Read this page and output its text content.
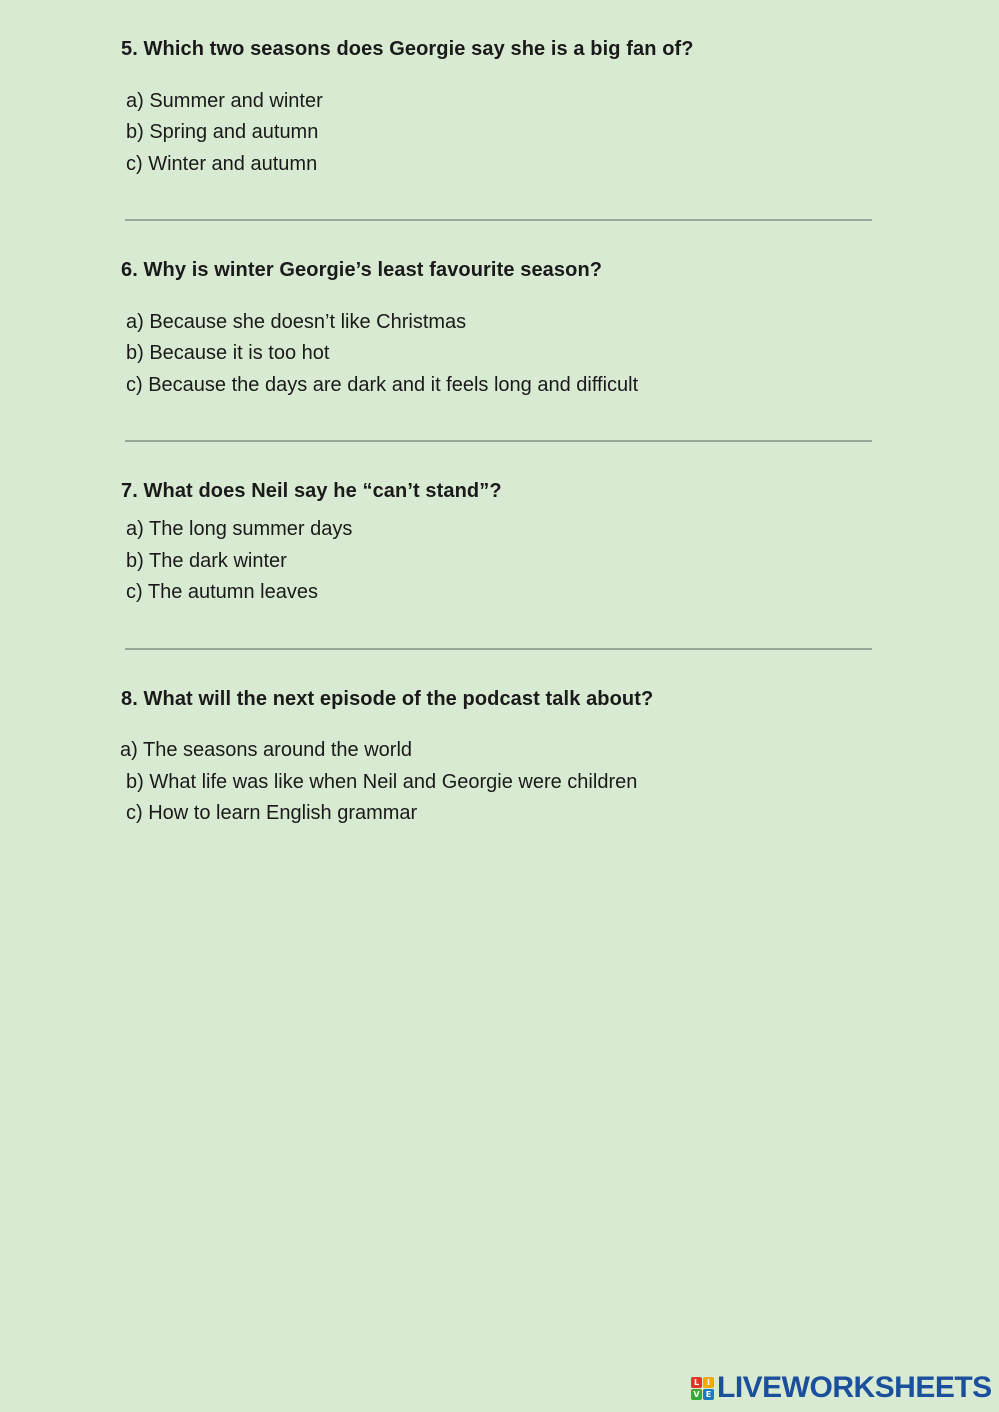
5. Which two seasons does Georgie say she is a big fan of?
a) Summer and winter
b) Spring and autumn
c) Winter and autumn
6. Why is winter Georgie’s least favourite season?
a) Because she doesn’t like Christmas
b) Because it is too hot
c) Because the days are dark and it feels long and difficult
7. What does Neil say he “can’t stand”?
a) The long summer days
b) The dark winter
c) The autumn leaves
8. What will the next episode of the podcast talk about?
a) The seasons around the world
b) What life was like when Neil and Georgie were children
c) How to learn English grammar
L I
V E LIVEWORKSHEETS
